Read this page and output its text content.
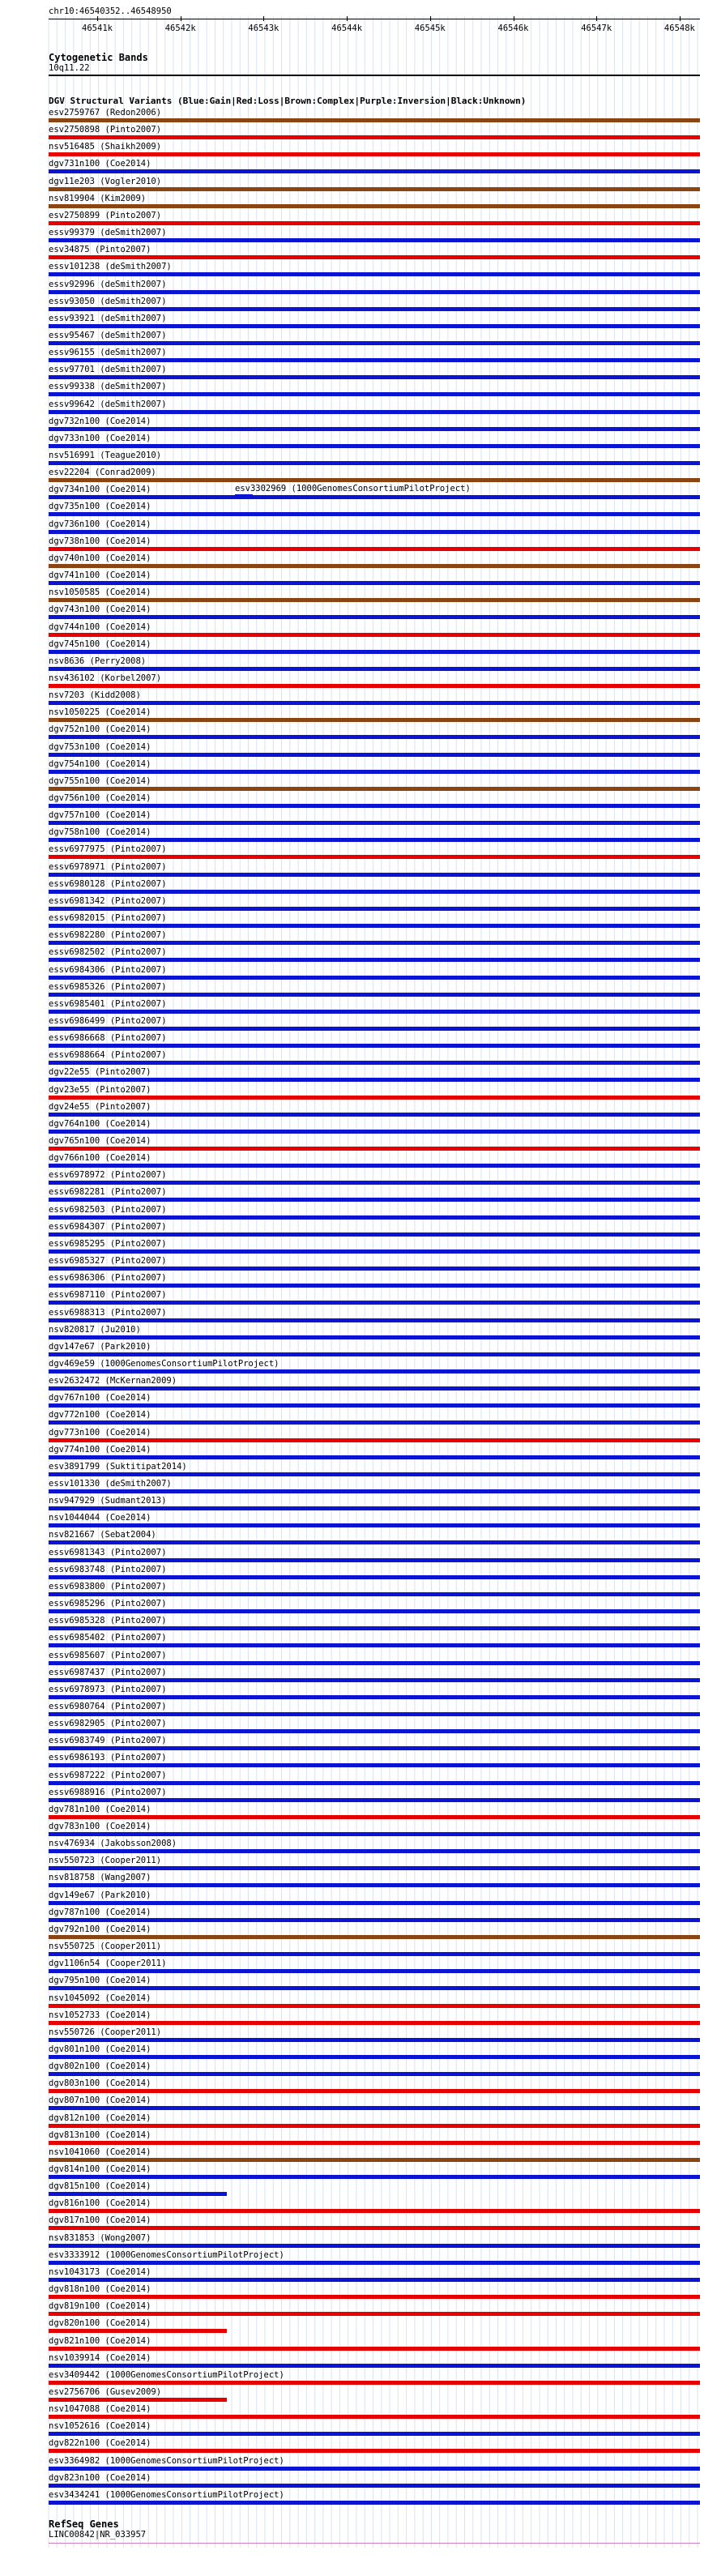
chr10:46540352..46548950
46541k	46542k	46543k	46544k	46545k	46546k	46547k	46548k
Cytogenetic Bands
10q11.22
DGV Structural Variants (Blue:Gain|Red:Loss|Brown:Complex|Purple:Inversion|Black:Unknown)
esv2759767 (Redon2006)
esv2750898 (Pinto2007)
nsv516485 (Shaikh2009)
dgv731n100 (Coe2014)
dgv11e203 (Vogler2010)
nsv819904 (Kim2009)
esv2750899 (Pinto2007)
essv99379 (deSmith2007)
esv34875 (Pinto2007)
essv101238 (deSmith2007)
essv92996 (deSmith2007)
essv93050 (deSmith2007)
essv93921 (deSmith2007)
essv95467 (deSmith2007)
essv96155 (deSmith2007)
essv97701 (deSmith2007)
essv99338 (deSmith2007)
essv99642 (deSmith2007)
dgv732n100 (Coe2014)
dgv733n100 (Coe2014)
nsv516991 (Teague2010)
esv22204 (Conrad2009)
dgv734n100 (Coe2014)
dgv735n100 (Coe2014)
dgv736n100 (Coe2014)
dgv738n100 (Coe2014)
dgv740n100 (Coe2014)
dgv741n100 (Coe2014)
nsv1050585 (Coe2014)
dgv743n100 (Coe2014)
dgv744n100 (Coe2014)
dgv745n100 (Coe2014)
nsv8636 (Perry2008)
nsv436102 (Korbel2007)
nsv7203 (Kidd2008)
nsv1050225 (Coe2014)
dgv752n100 (Coe2014)
dgv753n100 (Coe2014)
dgv754n100 (Coe2014)
dgv755n100 (Coe2014)
dgv756n100 (Coe2014)
dgv757n100 (Coe2014)
dgv758n100 (Coe2014)
essv6977975 (Pinto2007)
essv6978971 (Pinto2007)
essv6980128 (Pinto2007)
essv6981342 (Pinto2007)
essv6982015 (Pinto2007)
essv6982280 (Pinto2007)
essv6982502 (Pinto2007)
essv6984306 (Pinto2007)
essv6985326 (Pinto2007)
essv6985401 (Pinto2007)
essv6986499 (Pinto2007)
essv6986668 (Pinto2007)
essv6988664 (Pinto2007)
dgv22e55 (Pinto2007)
dgv23e55 (Pinto2007)
dgv24e55 (Pinto2007)
dgv764n100 (Coe2014)
dgv765n100 (Coe2014)
dgv766n100 (Coe2014)
essv6978972 (Pinto2007)
essv6982281 (Pinto2007)
essv6982503 (Pinto2007)
essv6984307 (Pinto2007)
essv6985295 (Pinto2007)
essv6985327 (Pinto2007)
essv6986306 (Pinto2007)
essv6987110 (Pinto2007)
essv6988313 (Pinto2007)
nsv820817 (Ju2010)
dgv147e67 (Park2010)
dgv469e59 (1000GenomesConsortiumPilotProject)
esv2632472 (McKernan2009)
dgv767n100 (Coe2014)
dgv772n100 (Coe2014)
dgv773n100 (Coe2014)
dgv774n100 (Coe2014)
esv3891799 (Suktitipat2014)
essv101330 (deSmith2007)
nsv947929 (Sudmant2013)
nsv1044044 (Coe2014)
nsv821667 (Sebat2004)
essv6981343 (Pinto2007)
essv6983748 (Pinto2007)
essv6983800 (Pinto2007)
essv6985296 (Pinto2007)
essv6985328 (Pinto2007)
essv6985402 (Pinto2007)
essv6985607 (Pinto2007)
essv6987437 (Pinto2007)
essv6978973 (Pinto2007)
essv6980764 (Pinto2007)
essv6982905 (Pinto2007)
essv6983749 (Pinto2007)
essv6986193 (Pinto2007)
essv6987222 (Pinto2007)
essv6988916 (Pinto2007)
dgv781n100 (Coe2014)
dgv783n100 (Coe2014)
nsv476934 (Jakobsson2008)
nsv550723 (Cooper2011)
nsv818758 (Wang2007)
dgv149e67 (Park2010)
dgv787n100 (Coe2014)
dgv792n100 (Coe2014)
nsv550725 (Cooper2011)
dgv1106n54 (Cooper2011)
dgv795n100 (Coe2014)
nsv1045092 (Coe2014)
nsv1052733 (Coe2014)
nsv550726 (Cooper2011)
dgv801n100 (Coe2014)
dgv802n100 (Coe2014)
dgv803n100 (Coe2014)
dgv807n100 (Coe2014)
dgv812n100 (Coe2014)
dgv813n100 (Coe2014)
nsv1041060 (Coe2014)
dgv814n100 (Coe2014)
dgv815n100 (Coe2014)
dgv816n100 (Coe2014)
dgv817n100 (Coe2014)
nsv831853 (Wong2007)
esv3333912 (1000GenomesConsortiumPilotProject)
nsv1043173 (Coe2014)
dgv818n100 (Coe2014)
dgv819n100 (Coe2014)
dgv820n100 (Coe2014)
dgv821n100 (Coe2014)
nsv1039914 (Coe2014)
esv3409442 (1000GenomesConsortiumPilotProject)
esv2756706 (Gusev2009)
nsv1047088 (Coe2014)
nsv1052616 (Coe2014)
dgv822n100 (Coe2014)
esv3364982 (1000GenomesConsortiumPilotProject)
dgv823n100 (Coe2014)
esv3434241 (1000GenomesConsortiumPilotProject)
esv3302969 (1000GenomesConsortiumPilotProject)
RefSeq Genes
LINC00842|NR_033957
